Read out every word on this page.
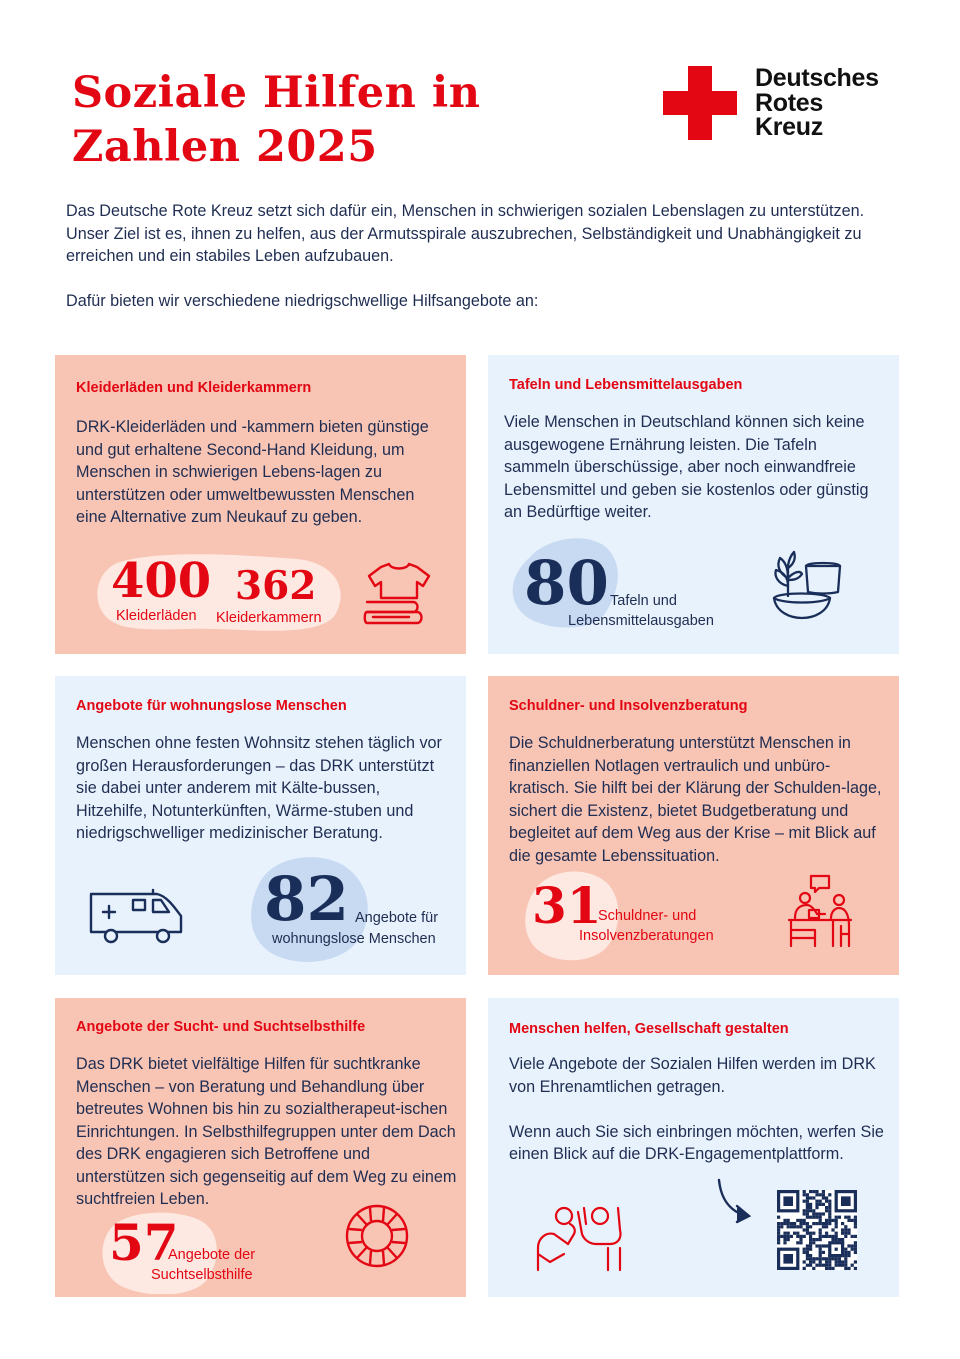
Soziale Hilfen in
Zahlen 2025
Deutsches
Rotes
Kreuz

Das Deutsche Rote Kreuz setzt sich dafür ein, Menschen in schwierigen sozialen Lebenslagen zu unterstützen. Unser Ziel ist es, ihnen zu helfen, aus der Armutsspirale auszubrechen, Selbständigkeit und Unabhängigkeit zu erreichen und ein stabiles Leben aufzubauen.

Dafür bieten wir verschiedene niedrigschwellige Hilfsangebote an:

Kleiderläden und Kleiderkammern
DRK-Kleiderläden und -kammern bieten günstige und gut erhaltene Second-Hand Kleidung, um Menschen in schwierigen Lebens-lagen zu unterstützen oder umweltbewussten Menschen eine Alternative zum Neukauf zu geben.
400
Kleiderläden
362
Kleiderkammern
Tafeln und Lebensmittelausgaben
Viele Menschen in Deutschland können sich keine ausgewogene Ernährung leisten. Die Tafeln sammeln überschüssige, aber noch einwandfreie Lebensmittel und geben sie kostenlos oder günstig an Bedürftige weiter.
80 Tafeln und
Lebensmittelausgaben
Angebote für wohnungslose Menschen
Menschen ohne festen Wohnsitz stehen täglich vor großen Herausforderungen – das DRK unterstützt sie dabei unter anderem mit Kälte-bussen, Hitzehilfe, Notunterkünften, Wärme-stuben und niedrigschwelliger medizinischer Beratung.
82 Angebote für
wohnungslose Menschen
Schuldner- und Insolvenzberatung
Die Schuldnerberatung unterstützt Menschen in finanziellen Notlagen vertraulich und unbüro-kratisch. Sie hilft bei der Klärung der Schulden-lage, sichert die Existenz, bietet Budgetberatung und begleitet auf dem Weg aus der Krise – mit Blick auf die gesamte Lebenssituation.
31
Schuldner- und
Insolvenzberatungen
Angebote der Sucht- und Suchtselbsthilfe
Das DRK bietet vielfältige Hilfen für suchtkranke Menschen – von Beratung und Behandlung über betreutes Wohnen bis hin zu sozialtherapeut-ischen Einrichtungen. In Selbsthilfegruppen unter dem Dach des DRK engagieren sich Betroffene und unterstützen sich gegenseitig auf dem Weg zu einem suchtfreien Leben.
57
Angebote der
Suchtselbsthilfe
Menschen helfen, Gesellschaft gestalten

Viele Angebote der Sozialen Hilfen werden im DRK von Ehrenamtlichen getragen.

Wenn auch Sie sich einbringen möchten, werfen Sie einen Blick auf die DRK-Engagementplattform.
